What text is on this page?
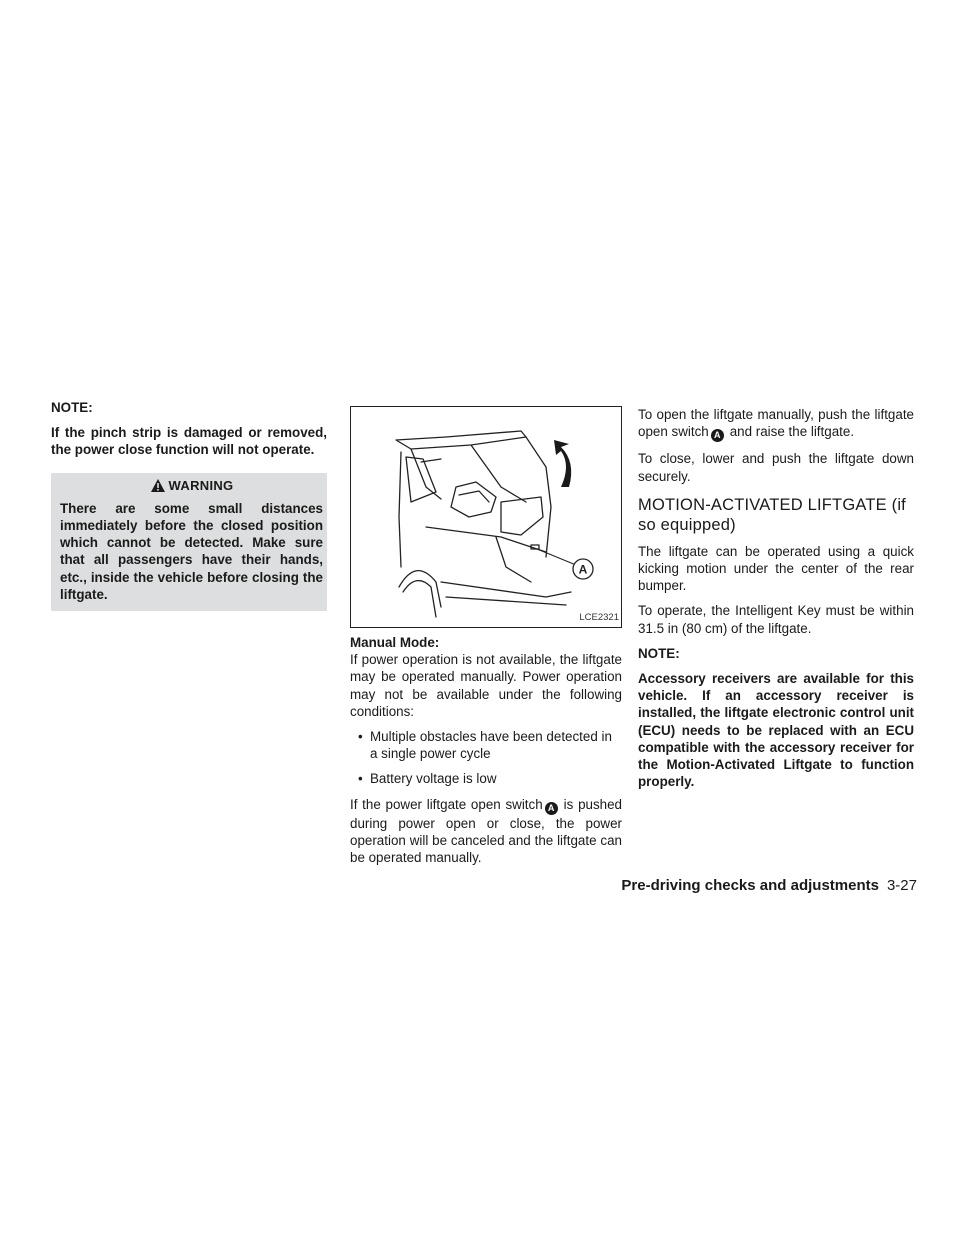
NOTE:

If the pinch strip is damaged or removed, the power close function will not operate.

WARNING
There are some small distances immediately before the closed position which cannot be detected. Make sure that all passengers have their hands, etc., inside the vehicle before closing the liftgate.
A
LCE2321

Manual Mode:

If power operation is not available, the liftgate may be operated manually. Power operation may not be available under the following conditions:

• Multiple obstacles have been detected in a single power cycle
• Battery voltage is low

If the power liftgate open switch A is pushed during power open or close, the power operation will be canceled and the liftgate can be operated manually.

To open the liftgate manually, push the liftgate open switch A and raise the liftgate.

To close, lower and push the liftgate down securely.

MOTION-ACTIVATED LIFTGATE (if so equipped)

The liftgate can be operated using a quick kicking motion under the center of the rear bumper.

To operate, the Intelligent Key must be within 31.5 in (80 cm) of the liftgate.

NOTE:

Accessory receivers are available for this vehicle. If an accessory receiver is installed, the liftgate electronic control unit (ECU) needs to be replaced with an ECU compatible with the accessory receiver for the Motion-Activated Liftgate to function properly.

Pre-driving checks and adjustments 3-27
